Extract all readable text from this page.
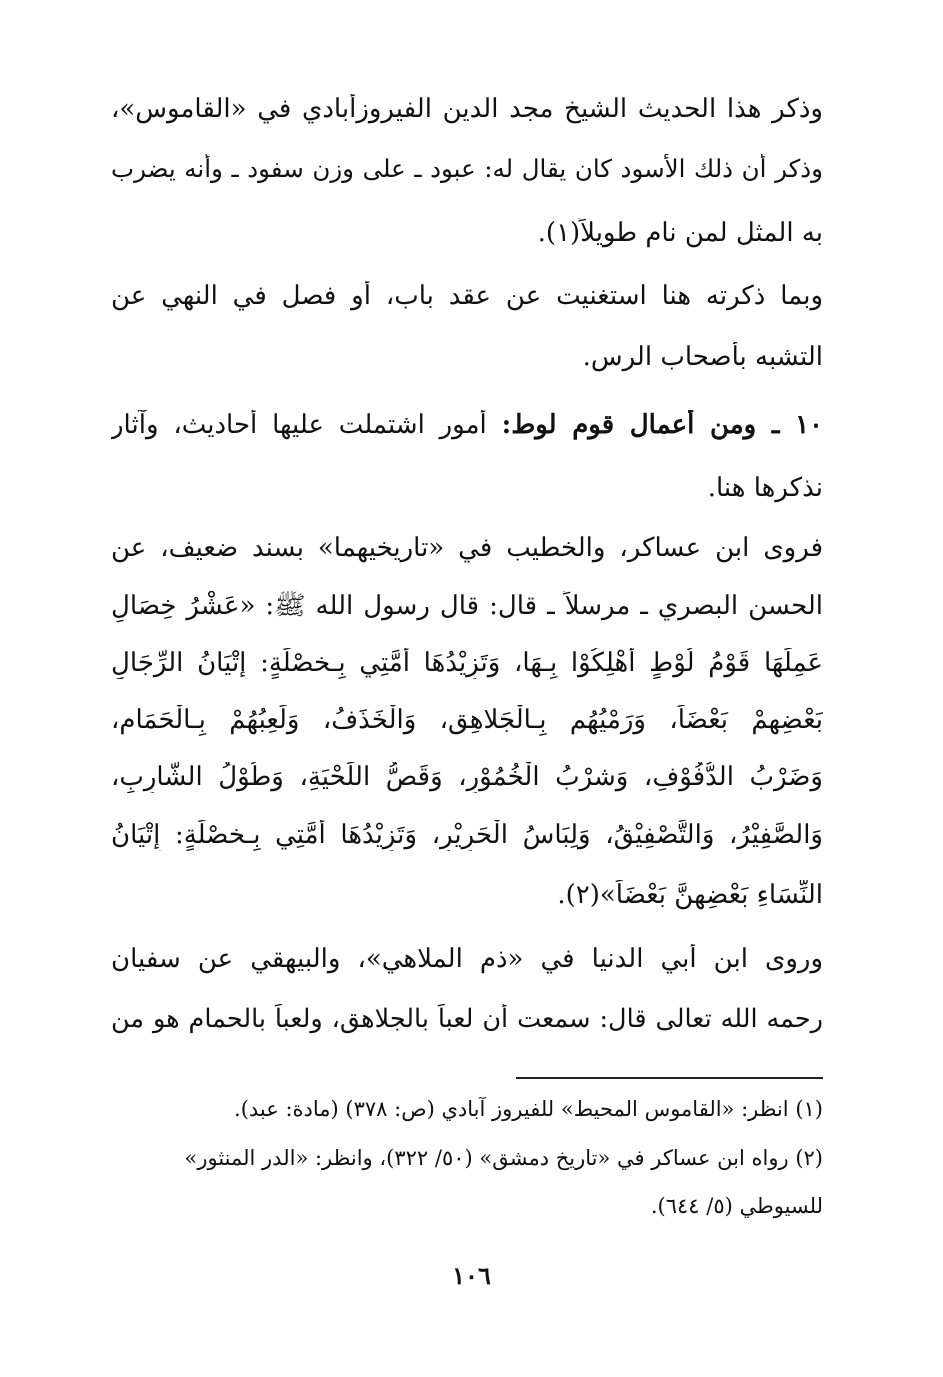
وذكر هذا الحديث الشيخ مجد الدين الفيروزأبادي في «القاموس»،
وذكر أن ذلك الأسود كان يقال له: عبود ـ على وزن سفود ـ وأنه يضرب
به المثل لمن نام طويلاً(١).
وبما ذكرته هنا استغنيت عن عقد باب، أو فصل في النهي عن
التشبه بأصحاب الرس.
١٠ ـ ومن أعمال قوم لوط: أمور اشتملت عليها أحاديث، وآثار
نذكرها هنا.
فروى ابن عساكر، والخطيب في «تاريخيهما» بسند ضعيف، عن
الحسن البصري ـ مرسلاً ـ قال: قال رسول الله ﷺ: «عَشْرُ خِصَالٍ
عَمِلَهَا قَوْمُ لُوْطٍ أُهْلِكُوْا بِـهَا، وَتَزِيْدُهَا أُمَّتِي بِـخصْلَةٍ: إِتْيَانُ الرِّجَالِ
بَعْضِهِمْ بَعْضَاً، وَرَمْيُهُم بِـالْجَلاهِقِ، وَالْخَذَفُ، وَلَعِبُهُمْ بِـالْحَمَامِ،
وَضَرْبُ الدُّفُوْفِ، وَشرْبُ الْخُمُوْرِ، وَقَصُّ اللِّحْيَةِ، وَطُوْلُ الشَّارِبِ،
وَالصَّفِيْرُ، وَالتَّصْفِيْقُ، وَلِبَاسُ الْحَرِيْرِ، وَتَزِيْدُهَا أُمَّتِي بِـخصْلَةٍ: إِتْيَانُ
النِّسَاءِ بَعْضِهِنَّ بَعْضَاً»(٢).
وروى ابن أبي الدنيا في «ذم الملاهي»، والبيهقي عن سفيان
رحمه الله تعالى قال: سمعت أن لعباً بالجلاهق، ولعباً بالحمام هو من
(١) انظر: «القاموس المحيط» للفيروز آبادي (ص: ٣٧٨) (مادة: عبد).
(٢) رواه ابن عساكر في «تاريخ دمشق» (٥٠/ ٣٢٢)، وانظر: «الدر المنثور»
للسيوطي (٥/ ٦٤٤).
١٠٦
